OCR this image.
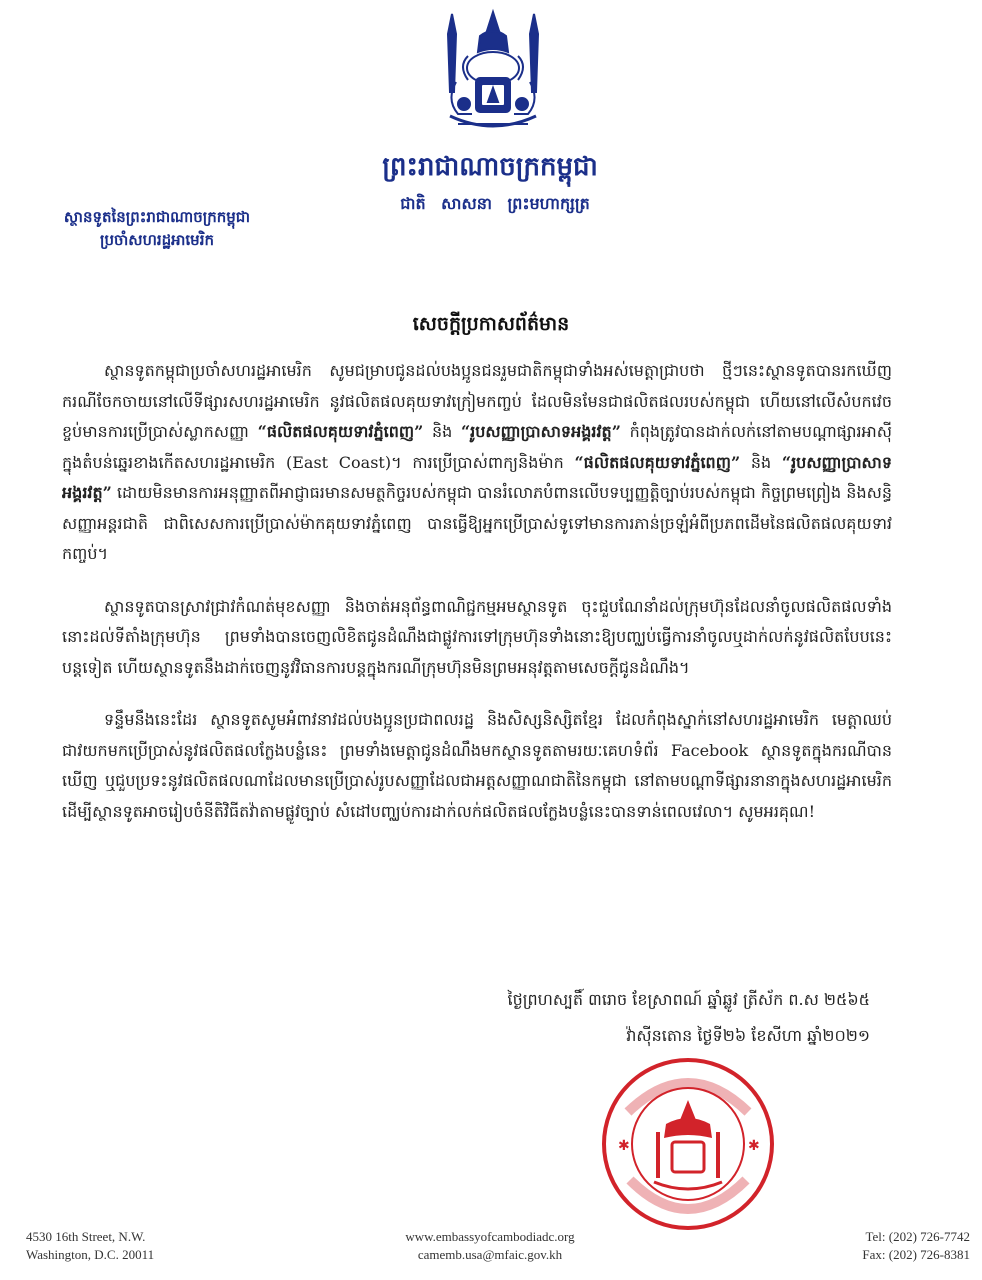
ព្រះរាជាណាចក្រកម្ពុជា
ជាតិ សាសនា ព្រះមហាក្សត្រ
ស្ថានទូតនៃព្រះរាជាណាចក្រកម្ពុជា
ប្រចាំសហរដ្ឋអាមេរិក
សេចក្តីប្រកាសព័ត៌មាន

ស្ថានទូតកម្ពុជាប្រចាំសហរដ្ឋអាមេរិក សូមជម្រាបជូនដល់បងប្អូនជនរួមជាតិកម្ពុជាទាំងអស់មេត្តាជ្រាបថា ថ្មីៗនេះស្ថានទូតបានរកឃើញករណីចែកចាយនៅលើទីផ្សារសហរដ្ឋអាមេរិក នូវផលិតផលគុយទាវក្រៀមកញ្ចប់ ដែលមិនមែនជាផលិតផលរបស់កម្ពុជា ហើយនៅលើសំបកវេចខ្ចប់មានការប្រើប្រាស់ស្លាកសញ្ញា “ផលិតផលគុយទាវភ្នំពេញ” និង “រូបសញ្ញាប្រាសាទអង្គរវត្ត” កំពុងត្រូវបានដាក់លក់នៅតាមបណ្តាផ្សារអាស៊ីក្នុងតំបន់ឆ្នេរខាងកើតសហរដ្ឋអាមេរិក (East Coast)។ ការប្រើប្រាស់ពាក្យនិងម៉ាក “ផលិតផលគុយទាវភ្នំពេញ” និង “រូបសញ្ញាប្រាសាទអង្គរវត្ត” ដោយមិនមានការអនុញ្ញាតពីអាជ្ញាធរមានសមត្ថកិច្ចរបស់កម្ពុជា បានរំលោភបំពានលើបទប្បញ្ញត្តិច្បាប់របស់កម្ពុជា កិច្ចព្រមព្រៀង និងសន្ធិសញ្ញាអន្តរជាតិ ជាពិសេសការប្រើប្រាស់ម៉ាកគុយទាវភ្នំពេញ បានធ្វើឱ្យអ្នកប្រើប្រាស់ទូទៅមានការភាន់ច្រឡំអំពីប្រភពដើមនៃផលិតផលគុយទាវកញ្ចប់។

ស្ថានទូតបានស្រាវជ្រាវកំណត់មុខសញ្ញា និងចាត់អនុព័ន្ធពាណិជ្ជកម្មអមស្ថានទូត ចុះជួបណែនាំដល់ក្រុមហ៊ុនដែលនាំចូលផលិតផលទាំងនោះដល់ទីតាំងក្រុមហ៊ុន ព្រមទាំងបានចេញលិខិតជូនដំណឹងជាផ្លូវការទៅក្រុមហ៊ុនទាំងនោះឱ្យបញ្ឈប់ធ្វើការនាំចូលឬដាក់លក់នូវផលិតបែបនេះបន្តទៀត ហើយស្ថានទូតនឹងដាក់ចេញនូវវិធានការបន្តក្នុងករណីក្រុមហ៊ុនមិនព្រមអនុវត្តតាមសេចក្តីជូនដំណឹង។

ទន្ទឹមនឹងនេះដែរ ស្ថានទូតសូមអំពាវនាវដល់បងប្អូនប្រជាពលរដ្ឋ និងសិស្សនិស្សិតខ្មែរ ដែលកំពុងស្នាក់នៅសហរដ្ឋអាមេរិក មេត្តាឈប់ជាវយកមកប្រើប្រាស់នូវផលិតផលក្លែងបន្លំនេះ ព្រមទាំងមេត្តាជូនដំណឹងមកស្ថានទូតតាមរយៈគេហទំព័រ Facebook ស្ថានទូតក្នុងករណីបានឃើញ ឬជួបប្រទះនូវផលិតផលណាដែលមានប្រើប្រាស់រូបសញ្ញាដែលជាអត្តសញ្ញាណជាតិនៃកម្ពុជា នៅតាមបណ្តាទីផ្សារនានាក្នុងសហរដ្ឋអាមេរិកដើម្បីស្ថានទូតអាចរៀបចំនីតិវិធីតវ៉ាតាមផ្លូវច្បាប់ សំដៅបញ្ឈប់ការដាក់លក់ផលិតផលក្លែងបន្លំនេះបានទាន់ពេលវេលា។ សូមអរគុណ!

ថ្ងៃព្រហស្បតិ៍ ៣រោច ខែស្រាពណ៍ ឆ្នាំឆ្លូវ ត្រីស័ក ព.ស ២៥៦៥
វ៉ាស៊ីនតោន ថ្ងៃទី២៦ ខែសីហា ឆ្នាំ២០២១
✱	✱
4530 16th Street, N.W.
Washington, D.C. 20011
www.embassyofcambodiadc.org
camemb.usa@mfaic.gov.kh
Tel: (202) 726-7742
Fax: (202) 726-8381
